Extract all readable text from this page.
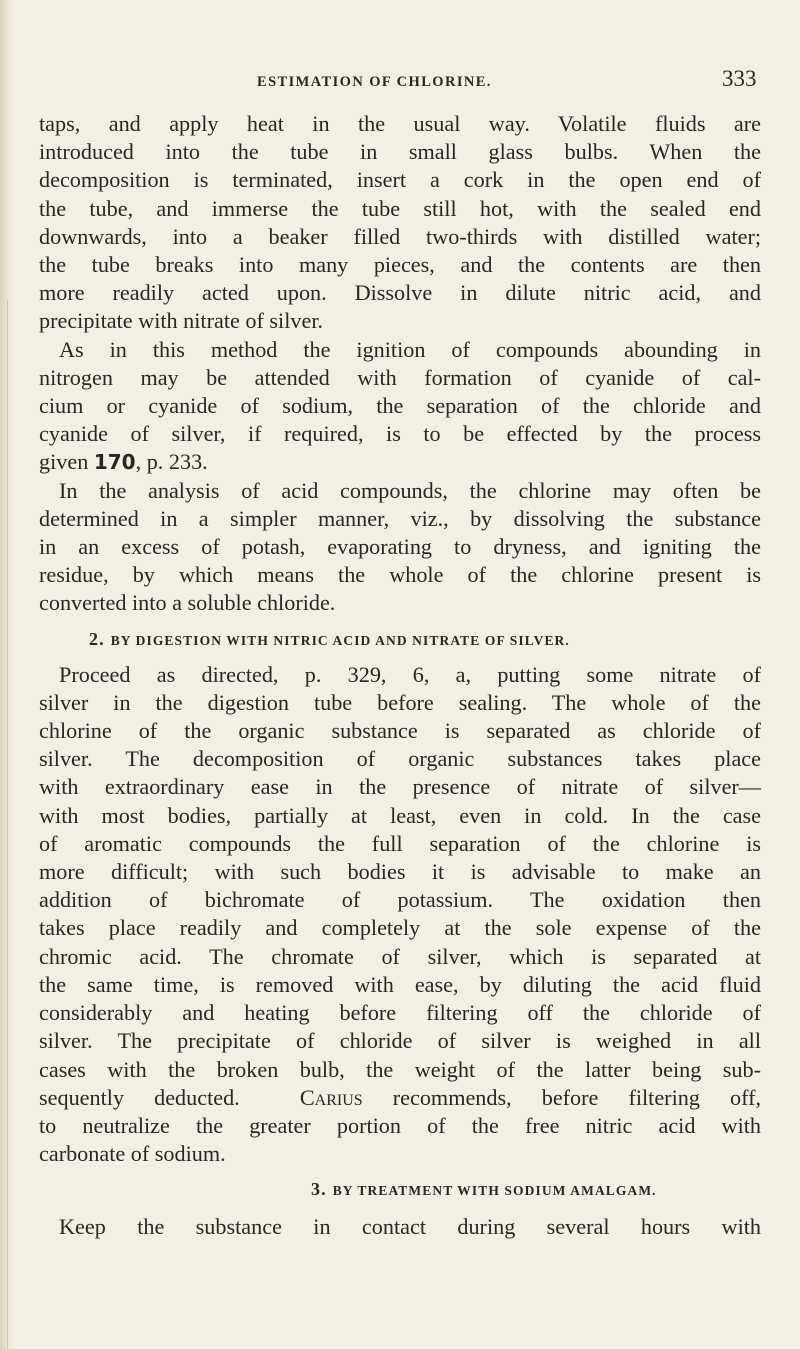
ESTIMATION OF CHLORINE.	333

taps, and apply heat in the usual way. Volatile fluids are

introduced into the tube in small glass bulbs. When the

decomposition is terminated, insert a cork in the open end of

the tube, and immerse the tube still hot, with the sealed end

downwards, into a beaker filled two-thirds with distilled water;

the tube breaks into many pieces, and the contents are then

more readily acted upon. Dissolve in dilute nitric acid, and

precipitate with nitrate of silver.

As in this method the ignition of compounds abounding in

nitrogen may be attended with formation of cyanide of cal-

cium or cyanide of sodium, the separation of the chloride and

cyanide of silver, if required, is to be effected by the process

given 170, p. 233.

In the analysis of acid compounds, the chlorine may often be

determined in a simpler manner, viz., by dissolving the substance

in an excess of potash, evaporating to dryness, and igniting the

residue, by which means the whole of the chlorine present is

converted into a soluble chloride.

2. BY DIGESTION WITH NITRIC ACID AND NITRATE OF SILVER.

Proceed as directed, p. 329, 6, a, putting some nitrate of

silver in the digestion tube before sealing. The whole of the

chlorine of the organic substance is separated as chloride of

silver. The decomposition of organic substances takes place

with extraordinary ease in the presence of nitrate of silver—

with most bodies, partially at least, even in cold. In the case

of aromatic compounds the full separation of the chlorine is

more difficult; with such bodies it is advisable to make an

addition of bichromate of potassium. The oxidation then

takes place readily and completely at the sole expense of the

chromic acid. The chromate of silver, which is separated at

the same time, is removed with ease, by diluting the acid fluid

considerably and heating before filtering off the chloride of

silver. The precipitate of chloride of silver is weighed in all

cases with the broken bulb, the weight of the latter being sub-

sequently deducted.	Carius recommends, before filtering off,

to neutralize the greater portion of the free nitric acid with

carbonate of sodium.

3. BY TREATMENT WITH SODIUM AMALGAM.

Keep the substance in contact during several hours with
